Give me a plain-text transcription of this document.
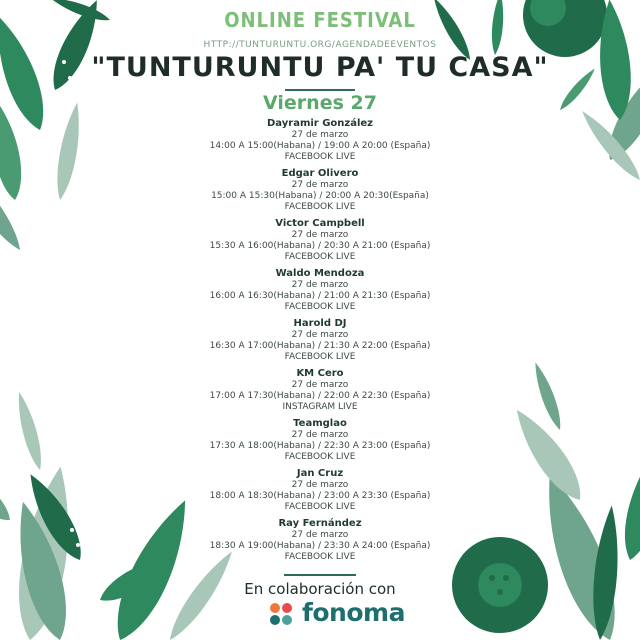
ONLINE FESTIVAL
HTTP://TUNTURUNTU.ORG/AGENDADEEVENTOS
"TUNTURUNTU PA' TU CASA"
Viernes 27
Dayramir González
27 de marzo
14:00 A 15:00(Habana) / 19:00 A 20:00 (España)
FACEBOOK LIVE
Edgar Olivero
27 de marzo
15:00 A 15:30(Habana) / 20:00 A 20:30(España)
FACEBOOK LIVE
Victor Campbell
27 de marzo
15:30 A 16:00(Habana) / 20:30 A 21:00 (España)
FACEBOOK LIVE
Waldo Mendoza
27 de marzo
16:00 A 16:30(Habana) / 21:00 A 21:30 (España)
FACEBOOK LIVE
Harold DJ
27 de marzo
16:30 A 17:00(Habana) / 21:30 A 22:00 (España)
FACEBOOK LIVE
KM Cero
27 de marzo
17:00 A 17:30(Habana) / 22:00 A 22:30 (España)
INSTAGRAM LIVE
Teamglao
27 de marzo
17:30 A 18:00(Habana) / 22:30 A 23:00 (España)
FACEBOOK LIVE
Jan Cruz
27 de marzo
18:00 A 18:30(Habana) / 23:00 A 23:30 (España)
FACEBOOK LIVE
Ray Fernández
27 de marzo
18:30 A 19:00(Habana) / 23:30 A 24:00 (España)
FACEBOOK LIVE
En colaboración con
fonoma
